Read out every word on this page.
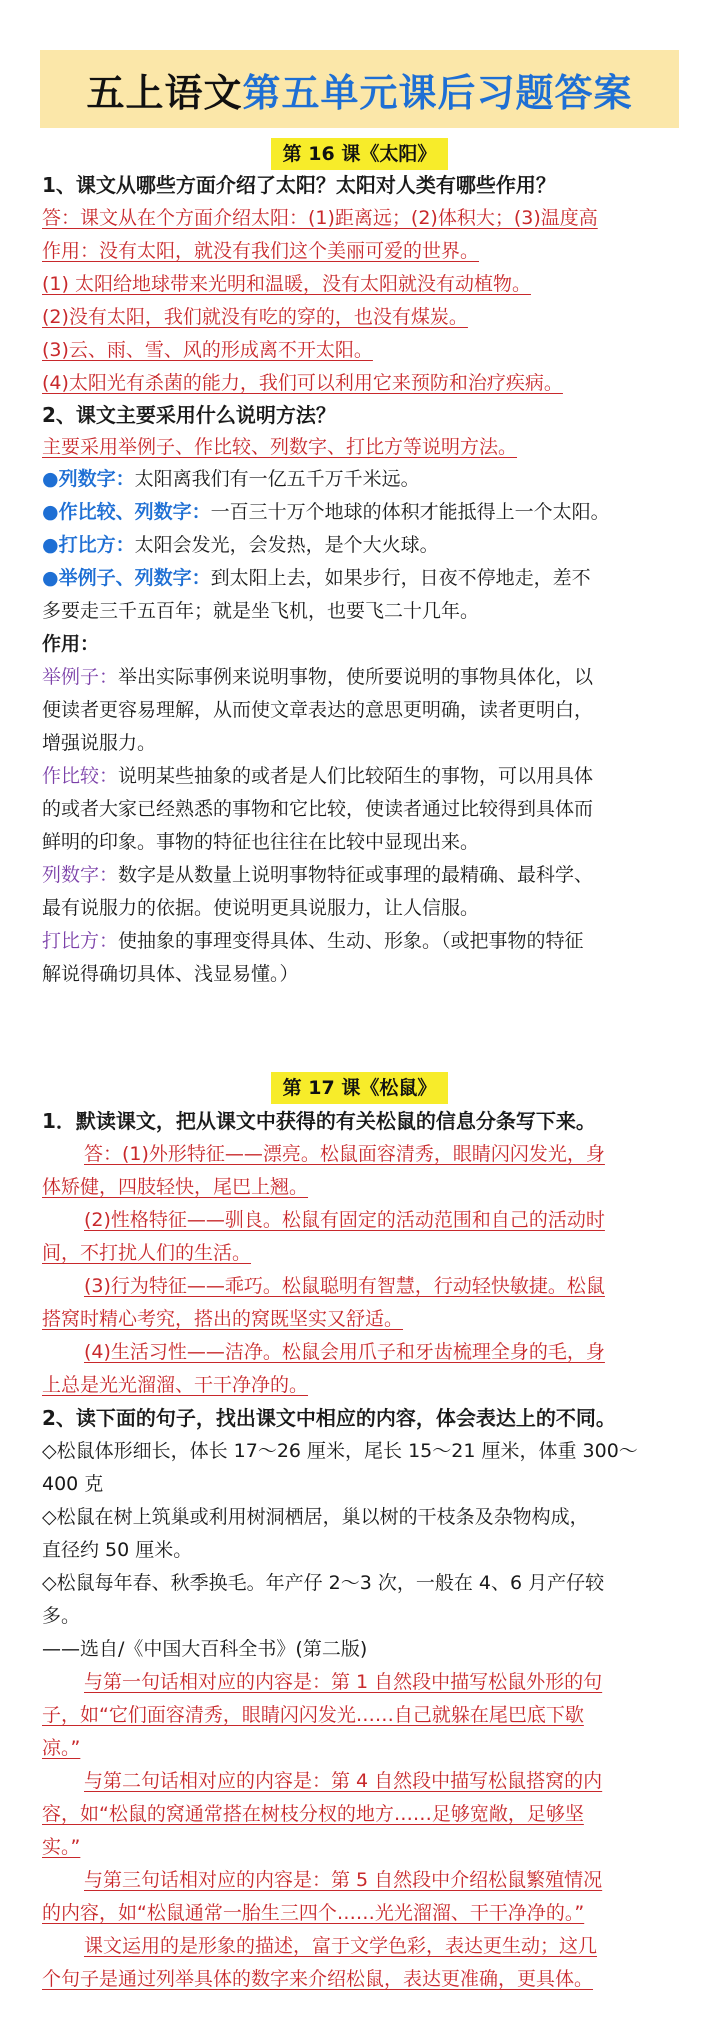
五上语文 第五单元课后习题答案
第 16 课《太阳》
1、课文从哪些方面介绍了太阳？太阳对人类有哪些作用？
答：课文从在个方面介绍太阳：(1)距离远；(2)体积大；(3)温度高
作用：没有太阳，就没有我们这个美丽可爱的世界。
(1) 太阳给地球带来光明和温暖，没有太阳就没有动植物。
(2)没有太阳，我们就没有吃的穿的，也没有煤炭。
(3)云、雨、雪、风的形成离不开太阳。
(4)太阳光有杀菌的能力，我们可以利用它来预防和治疗疾病。
2、课文主要采用什么说明方法？
主要采用举例子、作比较、列数字、打比方等说明方法。
●列数字：太阳离我们有一亿五千万千米远。
●作比较、列数字：一百三十万个地球的体积才能抵得上一个太阳。
●打比方：太阳会发光，会发热，是个大火球。
●举例子、列数字：到太阳上去，如果步行，日夜不停地走，差不
多要走三千五百年；就是坐飞机，也要飞二十几年。
作用：
举例子：举出实际事例来说明事物，使所要说明的事物具体化，以
便读者更容易理解，从而使文章表达的意思更明确，读者更明白，
增强说服力。
作比较：说明某些抽象的或者是人们比较陌生的事物，可以用具体
的或者大家已经熟悉的事物和它比较，使读者通过比较得到具体而
鲜明的印象。事物的特征也往往在比较中显现出来。
列数字：数字是从数量上说明事物特征或事理的最精确、最科学、
最有说服力的依据。使说明更具说服力，让人信服。
打比方：使抽象的事理变得具体、生动、形象。（或把事物的特征
解说得确切具体、浅显易懂。）
第 17 课《松鼠》
1．默读课文，把从课文中获得的有关松鼠的信息分条写下来。
答：(1)外形特征——漂亮。松鼠面容清秀，眼睛闪闪发光，身
体矫健，四肢轻快，尾巴上翘。
(2)性格特征——驯良。松鼠有固定的活动范围和自己的活动时
间，不打扰人们的生活。
(3)行为特征——乖巧。松鼠聪明有智慧，行动轻快敏捷。松鼠
搭窝时精心考究，搭出的窝既坚实又舒适。
(4)生活习性——洁净。松鼠会用爪子和牙齿梳理全身的毛，身
上总是光光溜溜、干干净净的。
2、读下面的句子，找出课文中相应的内容，体会表达上的不同。
◇松鼠体形细长，体长 17～26 厘米，尾长 15～21 厘米，体重 300～
400 克
◇松鼠在树上筑巢或利用树洞栖居，巢以树的干枝条及杂物构成，
直径约 50 厘米。
◇松鼠每年春、秋季换毛。年产仔 2～3 次，一般在 4、6 月产仔较
多。
——选自/《中国大百科全书》(第二版)
与第一句话相对应的内容是：第 1 自然段中描写松鼠外形的句
子，如“它们面容清秀，眼睛闪闪发光……自己就躲在尾巴底下歇
凉。”
与第二句话相对应的内容是：第 4 自然段中描写松鼠搭窝的内
容，如“松鼠的窝通常搭在树枝分杈的地方……足够宽敞，足够坚
实。”
与第三句话相对应的内容是：第 5 自然段中介绍松鼠繁殖情况
的内容，如“松鼠通常一胎生三四个……光光溜溜、干干净净的。”
课文运用的是形象的描述，富于文学色彩，表达更生动；这几
个句子是通过列举具体的数字来介绍松鼠，表达更准确，更具体。
